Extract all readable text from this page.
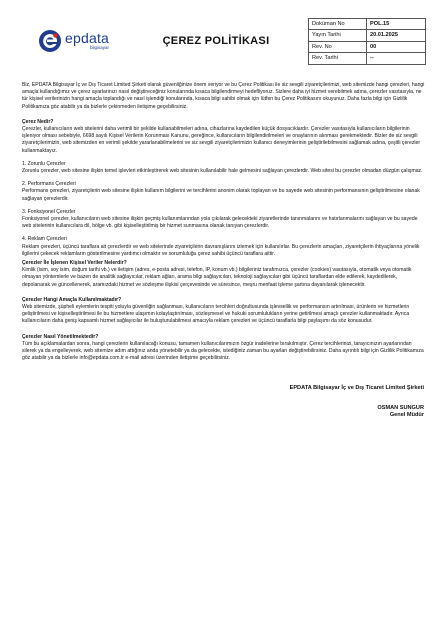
epdata
bilgisayar
ÇEREZ POLİTİKASI
Doküman No	POL.15
Yayın Tarihi	20.01.2025
Rev. No	00
Rev. Tarihi	--

Biz, EPDATA Bilgisayar İç ve Dış Ticaret Limited Şirketi olarak güvenliğinize önem veriyor ve bu Çerez Politikası ile siz sevgili ziyaretçilerimizi, web sitemizde hangi çerezleri, hangi amaçla kullandığımız ve çerez ayarlarınızı nasıl değiştireceğiniz konularında kısaca bilgilendirmeyi hedefliyoruz. Sizlere daha iyi hizmet verebilmek adına, çerezler vasıtasıyla, ne tür kişisel verilerinizin hangi amaçla toplandığı ve nasıl işlendiği konularında, kısaca bilgi sahibi olmak için lütfen bu Çerez Politikasını okuyunuz. Daha fazla bilgi için Gizlilik Politikamıza göz atabilir ya da bizlerle çekinmeden iletişime geçebilirsiniz.

Çerez Nedir?

Çerezler, kullanıcıların web sitelerini daha verimli bir şekilde kullanabilmeleri adına, cihazlarına kaydedilen küçük dosyacıklardır. Çerezler vasıtasıyla kullanıcıların bilgilerinin işleniyor olması sebebiyle, 6698 sayılı Kişisel Verilerin Korunması Kanunu, gereğince, kullanıcıların bilgilendirilmeleri ve onaylarının alınması gerekmektedir. Bizler de siz sevgili ziyaretçilerimizin, web sitemizden en verimli şekilde yararlanabilmelerini ve siz sevgili ziyaretçilerimizin kullanıcı deneyimlerinin geliştirilebilmesini sağlamak adına, çeşitli çerezler kullanmaktayız.

1. Zorunlu Çerezler

Zorunlu çerezler, web sitesine ilişkin temel işlevleri etkinleştirerek web sitesinin kullanılabilir hale gelmesini sağlayan çerezlerdir. Web sitesi bu çerezler olmadan düzgün çalışmaz.

2. Performans Çerezleri

Performans çerezleri, ziyaretçilerin web sitesine ilişkin kullanım bilgilerini ve tercihlerini anonim olarak toplayan ve bu sayede web sitesinin performansının geliştirilmesine olanak sağlayan çerezlerdir.

3. Fonksiyonel Çerezler

Fonksiyonel çerezler, kullanıcıların web sitesine ilişkin geçmiş kullanımlarından yola çıkılarak gelecekteki ziyaretlerinde tanınmalarını ve hatırlanmalarını sağlayan ve bu sayede web sitelerinin kullanıcılara dil, bölge vb. gibi kişiselleştirilmiş bir hizmet sunmasına olanak tanıyan çerezlerdir.

4. Reklam Çerezleri

Reklam çerezleri, üçüncü taraflara ait çerezlerdir ve web sitelerinde ziyaretçilerin davranışlarını izlemek için kullanılırlar. Bu çerezlerin amaçları, ziyaretçilerin ihtiyaçlarına yönelik ilgilerini çekecek reklamların gösterilmesine yardımcı olmaktır ve sorumluluğu çerez sahibi üçüncü taraflara aittir.

Çerezler İle İşlenen Kişisel Veriler Nelerdir?

Kimlik (isim, soy isim, doğum tarihi vb.) ve iletişim (adres, e-posta adresi, telefon, IP, konum vb.) bilgileriniz tarafımızca, çerezler (cookies) vasıtasıyla, otomatik veya otomatik olmayan yöntemlerle ve bazen de analitik sağlayıcılar, reklam ağları, arama bilgi sağlayıcıları, teknoloji sağlayıcıları gibi üçüncü taraflardan elde edilerek, kaydedilerek, depolanarak ve güncellenerek, aramızdaki hizmet ve sözleşme ilişkisi çerçevesinde ve süresince, meşru menfaat işleme şartına dayanılarak işlenecektir.

Çerezler Hangi Amaçla Kullanılmaktadır?

Web sitemizde, şüpheli eylemlerin tespiti yoluyla güvenliğin sağlanması, kullanıcıların tercihleri doğrultusunda işlevsellik ve performansın artırılması, ürünlerin ve hizmetlerin geliştirilmesi ve kişiselleştirilmesi ile bu hizmetlere ulaşımın kolaylaştırılması, sözleşmesel ve hukuki sorumlulukların yerine getirilmesi amaçlı çerezler kullanmaktadır. Ayrıca kullanıcıların daha geniş kapsamlı hizmet sağlayıcılar ile buluşturulabilmesi amacıyla reklam çerezleri ve üçüncü taraflarla bilgi paylaşımı da söz konusudur.

Çerezler Nasıl Yönetilmektedir?

Tüm bu açıklamalardan sonra, hangi çerezlerin kullanılacağı konusu, tamamen kullanıcılarımızın özgür iradelerine bırakılmıştır. Çerez tercihlerinizi, tarayıcınızın ayarlarından silerek ya da engelleyerek, web sitemize adım attığınız anda yönetebilir ya da gelecekte, istediğiniz zaman bu ayarları değiştirebilirsiniz. Daha ayrıntılı bilgi için Gizlilik Politikamıza göz atabilir ya da bizlerle info@epdata.com.tr e-mail adresi üzerinden iletişime geçebilirsiniz.

EPDATA Bilgisayar İç ve Dış Ticaret Limited Şirketi
OSMAN SUNGUR
Genel Müdür
